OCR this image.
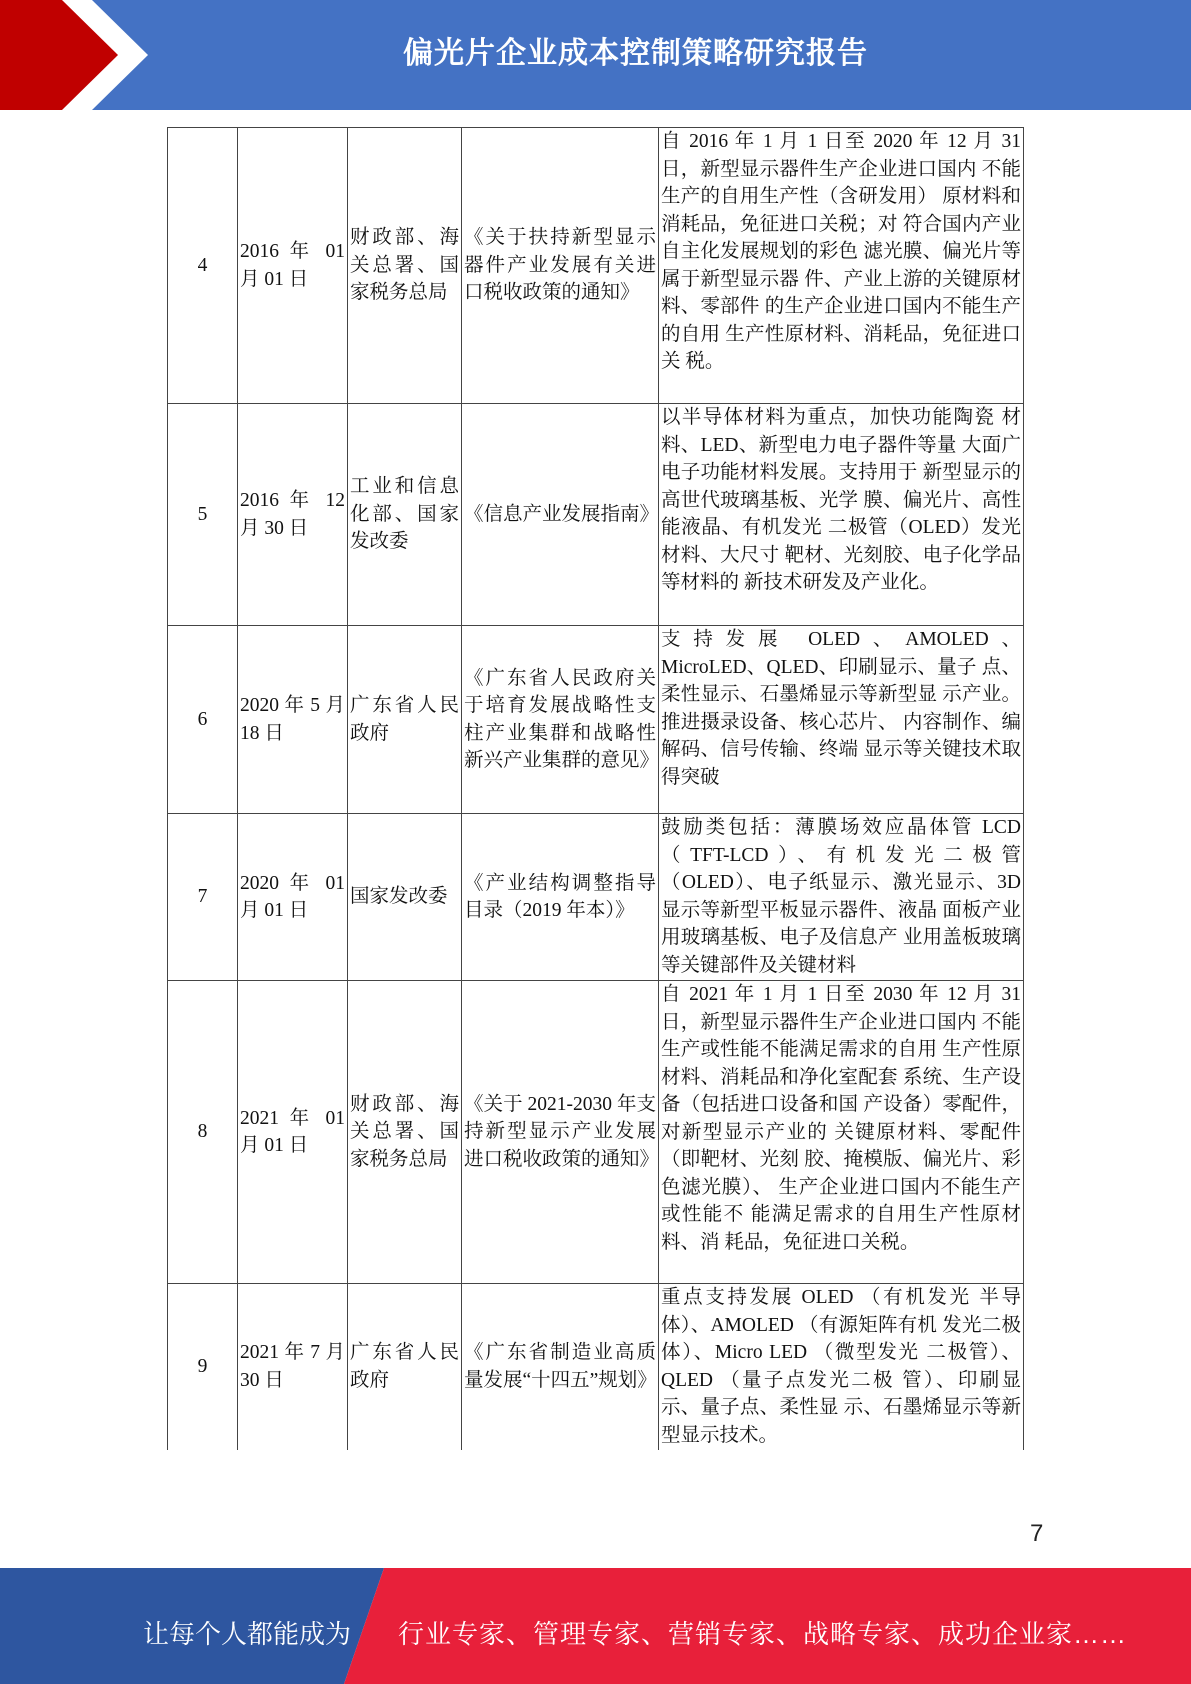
偏光片企业成本控制策略研究报告
4	2016 年 01 月 01 日	财政部、海关总署、国家税务总局	《关于扶持新型显示器件产业发展有关进口税收政策的通知》	自 2016 年 1 月 1 日至 2020 年 12 月 31 日，新型显示器件生产企业进口国内 不能生产的自用生产性（含研发用） 原材料和消耗品，免征进口关税；对 符合国内产业自主化发展规划的彩色 滤光膜、偏光片等属于新型显示器 件、产业上游的关键原材料、零部件 的生产企业进口国内不能生产的自用 生产性原材料、消耗品，免征进口关 税。
5	2016 年 12 月 30 日	工业和信息化部、国家发改委	《信息产业发展指南》	以半导体材料为重点，加快功能陶瓷 材料、LED、新型电力电子器件等量 大面广电子功能材料发展。支持用于 新型显示的高世代玻璃基板、光学 膜、偏光片、高性能液晶、有机发光 二极管（OLED）发光材料、大尺寸 靶材、光刻胶、电子化学品等材料的 新技术研发及产业化。
6	2020 年 5 月 18 日	广东省人民政府	《广东省人民政府关于培育发展战略性支柱产业集群和战略性新兴产业集群的意见》	支持发展 OLED、AMOLED、MicroLED、QLED、印刷显示、量子 点、柔性显示、石墨烯显示等新型显 示产业。推进摄录设备、核心芯片、 内容制作、编解码、信号传输、终端 显示等关键技术取得突破
7	2020 年 01 月 01 日	国家发改委	《产业结构调整指导目录（2019 年本）》	鼓励类包括：薄膜场效应晶体管 LCD（TFT-LCD）、有机发光二极管（OLED）、电子纸显示、激光显示、3D 显示等新型平板显示器件、液晶 面板产业用玻璃基板、电子及信息产 业用盖板玻璃等关键部件及关键材料
8	2021 年 01 月 01 日	财政部、海关总署、国家税务总局	《关于 2021-2030 年支持新型显示产业发展进口税收政策的通知》	自 2021 年 1 月 1 日至 2030 年 12 月 31 日，新型显示器件生产企业进口国内 不能生产或性能不能满足需求的自用 生产性原材料、消耗品和净化室配套 系统、生产设备（包括进口设备和国 产设备）零配件，对新型显示产业的 关键原材料、零配件（即靶材、光刻 胶、掩模版、偏光片、彩色滤光膜）、 生产企业进口国内不能生产或性能不 能满足需求的自用生产性原材料、消 耗品，免征进口关税。
9	2021 年 7 月 30 日	广东省人民政府	《广东省制造业高质量发展“十四五”规划》	重点支持发展 OLED （有机发光 半导体）、AMOLED （有源矩阵有机 发光二极体）、Micro LED （微型发光 二极管）、QLED （量子点发光二极 管）、印刷显示、量子点、柔性显 示、石墨烯显示等新型显示技术。
7
让每个人都能成为 行业专家、管理专家、营销专家、战略专家、成功企业家……
